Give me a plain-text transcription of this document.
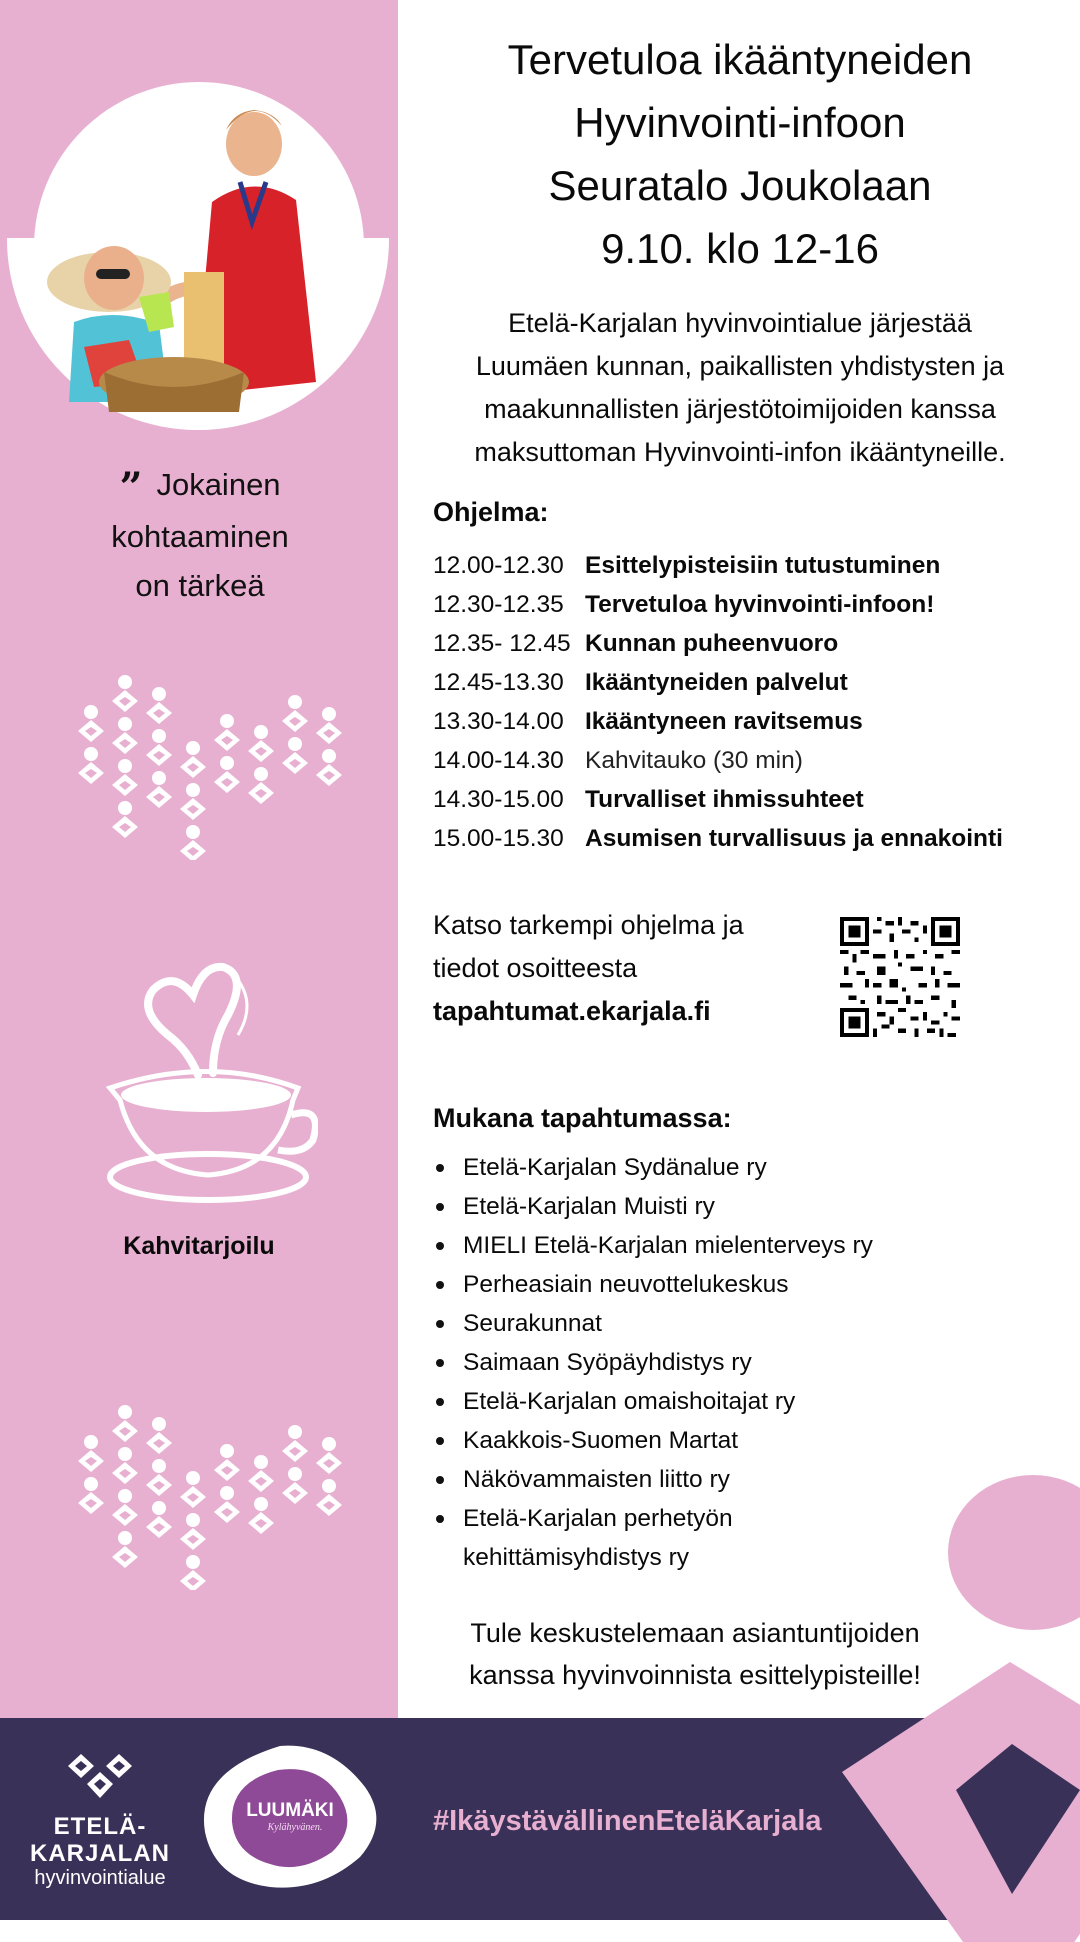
” Jokainen
kohtaaminen
on tärkeä
Kahvitarjoilu
Tervetuloa ikääntyneiden
Hyvinvointi-infoon
Seuratalo Joukolaan
9.10. klo 12-16
Etelä-Karjalan hyvinvointialue järjestää
Luumäen kunnan, paikallisten yhdistysten ja
maakunnallisten järjestötoimijoiden kanssa
maksuttoman Hyvinvointi-infon ikääntyneille.
Ohjelma:
12.00-12.30 Esittelypisteisiin tutustuminen
12.30-12.35 Tervetuloa hyvinvointi-infoon!
12.35- 12.45 Kunnan puheenvuoro
12.45-13.30 Ikääntyneiden palvelut
13.30-14.00 Ikääntyneen ravitsemus
14.00-14.30 Kahvitauko (30 min)
14.30-15.00 Turvalliset ihmissuhteet
15.00-15.30 Asumisen turvallisuus ja ennakointi
Katso tarkempi ohjelma ja
tiedot osoitteesta
tapahtumat.ekarjala.fi
Mukana tapahtumassa:
Etelä-Karjalan Sydänalue ry
Etelä-Karjalan Muisti ry
MIELI Etelä-Karjalan mielenterveys ry
Perheasiain neuvottelukeskus
Seurakunnat
Saimaan Syöpäyhdistys ry
Etelä-Karjalan omaishoitajat ry
Kaakkois-Suomen Martat
Näkövammaisten liitto ry
Etelä-Karjalan perhetyön kehittämisyhdistys ry
Tule keskustelemaan asiantuntijoiden
kanssa hyvinvoinnista esittelypisteille!
ETELÄ-
KARJALAN
hyvinvointialue
LUUMÄKI
Kylähyvänen.	#IkäystävällinenEteläKarjala
